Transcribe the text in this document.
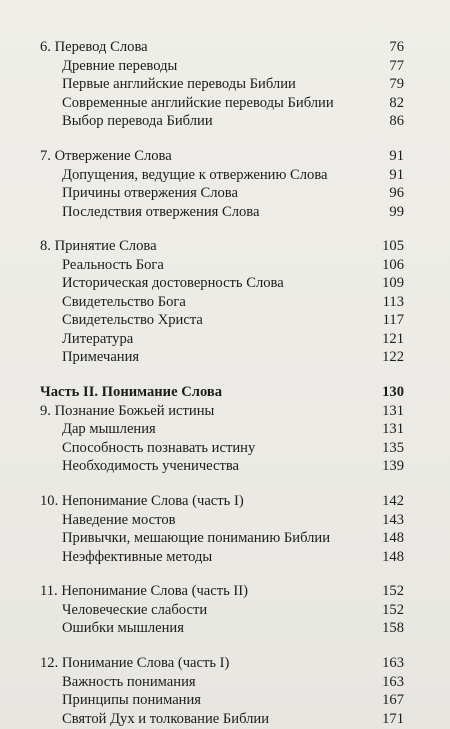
6. Перевод Слова	76
Древние переводы	77
Первые английские переводы Библии	79
Современные английские переводы Библии	82
Выбор перевода Библии	86
7. Отвержение Слова	91
Допущения, ведущие к отвержению Слова	91
Причины отвержения Слова	96
Последствия отвержения Слова	99
8. Принятие Слова	105
Реальность Бога	106
Историческая достоверность Слова	109
Свидетельство Бога	113
Свидетельство Христа	117
Литература	121
Примечания	122
Часть II. Понимание Слова	130
9. Познание Божьей истины	131
Дар мышления	131
Способность познавать истину	135
Необходимость ученичества	139
10. Непонимание Слова (часть I)	142
Наведение мостов	143
Привычки, мешающие пониманию Библии	148
Неэффективные методы	148
11. Непонимание Слова (часть II)	152
Человеческие слабости	152
Ошибки мышления	158
12. Понимание Слова (часть I)	163
Важность понимания	163
Принципы понимания	167
Святой Дух и толкование Библии	171
